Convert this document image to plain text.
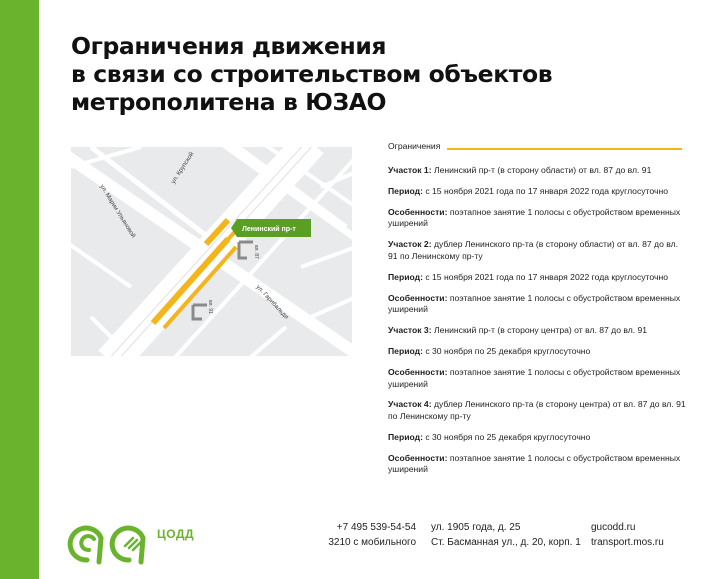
Ограничения движения
в связи со строительством объектов
метрополитена в ЮЗАО
ул. Крупской
ул. Марии Ульяновой
ул. Гарибальди
вл. 87
вл. 91
Ленинский пр-т
Ограничения
Участок 1: Ленинский пр-т (в сторону области) от вл. 87 до вл. 91
Период: с 15 ноября 2021 года по 17 января 2022 года круглосуточно
Особенности: поэтапное занятие 1 полосы с обустройством временных уширений
Участок 2: дублер Ленинского пр-та (в сторону области) от вл. 87 до вл. 91 по Ленинскому пр-ту
Период: с 15 ноября 2021 года по 17 января 2022 года круглосуточно
Особенности: поэтапное занятие 1 полосы с обустройством временных уширений
Участок 3: Ленинский пр-т (в сторону центра) от вл. 87 до вл. 91
Период: с 30 ноября по 25 декабря круглосуточно
Особенности: поэтапное занятие 1 полосы с обустройством временных уширений
Участок 4: дублер Ленинского пр-та (в сторону центра) от вл. 87 до вл. 91 по Ленинскому пр-ту
Период: с 30 ноября по 25 декабря круглосуточно
Особенности: поэтапное занятие 1 полосы с обустройством временных уширений
+7 495 539-54-54
3210 с мобильного
ул. 1905 года, д. 25
Ст. Басманная ул., д. 20, корп. 1
gucodd.ru
transport.mos.ru
ЦОДД
